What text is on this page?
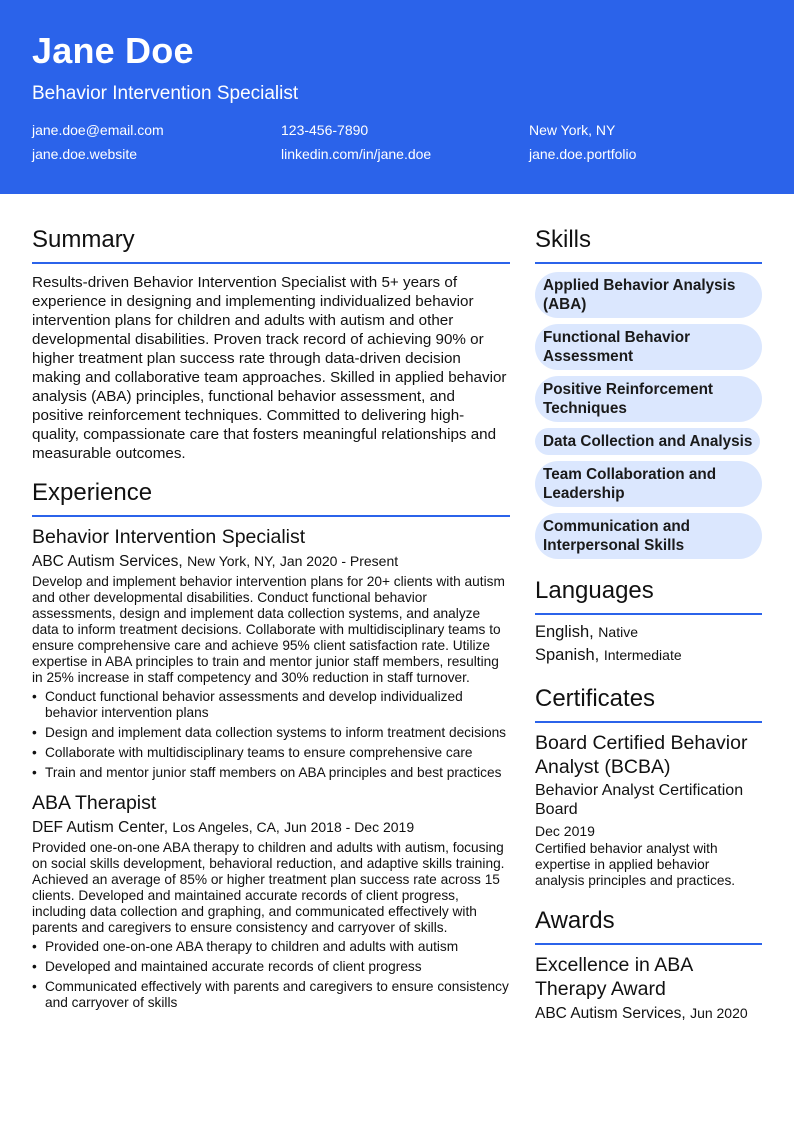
Jane Doe
Behavior Intervention Specialist
jane.doe@email.com	123-456-7890	New York, NY
jane.doe.website	linkedin.com/in/jane.doe	jane.doe.portfolio
Summary

Results-driven Behavior Intervention Specialist with 5+ years of experience in designing and implementing individualized behavior intervention plans for children and adults with autism and other developmental disabilities. Proven track record of achieving 90% or higher treatment plan success rate through data-driven decision making and collaborative team approaches. Skilled in applied behavior analysis (ABA) principles, functional behavior assessment, and positive reinforcement techniques. Committed to delivering high-quality, compassionate care that fosters meaningful relationships and measurable outcomes.

Experience
Behavior Intervention Specialist
ABC Autism Services, New York, NY, Jan 2020 - Present
Develop and implement behavior intervention plans for 20+ clients with autism and other developmental disabilities. Conduct functional behavior assessments, design and implement data collection systems, and analyze data to inform treatment decisions. Collaborate with multidisciplinary teams to ensure comprehensive care and achieve 95% client satisfaction rate. Utilize expertise in ABA principles to train and mentor junior staff members, resulting in 25% increase in staff competency and 30% reduction in staff turnover.
• Conduct functional behavior assessments and develop individualized behavior intervention plans
• Design and implement data collection systems to inform treatment decisions
• Collaborate with multidisciplinary teams to ensure comprehensive care
• Train and mentor junior staff members on ABA principles and best practices
ABA Therapist
DEF Autism Center, Los Angeles, CA, Jun 2018 - Dec 2019
Provided one-on-one ABA therapy to children and adults with autism, focusing on social skills development, behavioral reduction, and adaptive skills training. Achieved an average of 85% or higher treatment plan success rate across 15 clients. Developed and maintained accurate records of client progress, including data collection and graphing, and communicated effectively with parents and caregivers to ensure consistency and carryover of skills.
• Provided one-on-one ABA therapy to children and adults with autism
• Developed and maintained accurate records of client progress
• Communicated effectively with parents and caregivers to ensure consistency and carryover of skills
Skills
Applied Behavior Analysis (ABA)
Functional Behavior Assessment
Positive Reinforcement Techniques
Data Collection and Analysis
Team Collaboration and Leadership
Communication and Interpersonal Skills
Languages
English, Native
Spanish, Intermediate
Certificates
Board Certified Behavior Analyst (BCBA)
Behavior Analyst Certification Board
Dec 2019
Certified behavior analyst with expertise in applied behavior analysis principles and practices.
Awards
Excellence in ABA Therapy Award
ABC Autism Services, Jun 2020
